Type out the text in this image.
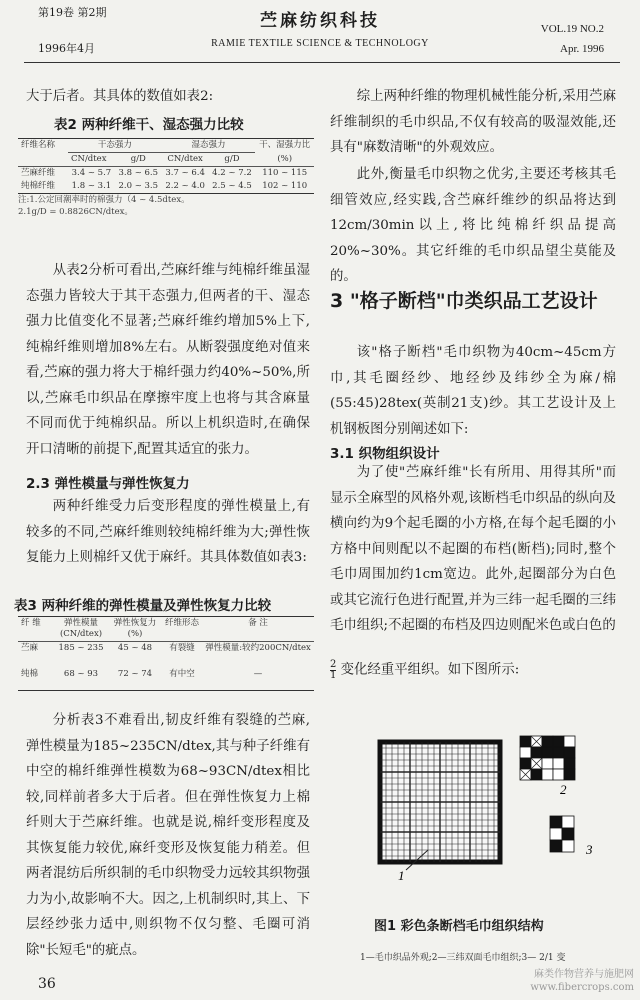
第19卷 第2期
1996年4月
苎麻纺织科技
RAMIE TEXTILE SCIENCE & TECHNOLOGY
VOL.19 NO.2
Apr. 1996
大于后者。其具体的数值如表2:
表2 两种纤维干、湿态强力比较
纤维名称	干态强力		湿态强力		干、湿强力比
	CN/dtex	g/D	CN/dtex	g/D	(%)
苎麻纤维	3.4 ~ 5.7	3.8 ~ 6.5	3.7 ~ 6.4	4.2 ~ 7.2	110 ~ 115
纯棉纤维	1.8 ~ 3.1	2.0 ~ 3.5	2.2 ~ 4.0	2.5 ~ 4.5	102 ~ 110
注:1.公定回潮率时的棉强力（4 ~ 4.5dtex。
2.1g/D = 0.8826CN/dtex。
从表2分析可看出,苎麻纤维与纯棉纤维虽湿态强力皆较大于其干态强力,但两者的干、湿态强力比值变化不显著;苎麻纤维约增加5%上下,纯棉纤维则增加8%左右。从断裂强度绝对值来看,苎麻的强力将大于棉纤强力约40%~50%,所以,苎麻毛巾织品在摩擦牢度上也将与其含麻量不同而优于纯棉织品。所以上机织造时,在确保开口清晰的前提下,配置其适宜的张力。
2.3 弹性模量与弹性恢复力
两种纤维受力后变形程度的弹性模量上,有较多的不同,苎麻纤维则较纯棉纤维为大;弹性恢复能力上则棉纤又优于麻纤。其具体数值如表3:
表3 两种纤维的弹性模量及弹性恢复力比较
纤 维	弹性模量 (CN/dtex)	弹性恢复力 (%)	纤维形态	备 注
苎麻	185 ~ 235	45 ~ 48	有裂缝	弹性模量:较约200CN/dtex
纯棉	68 ~ 93	72 ~ 74	有中空	—
分析表3不难看出,韧皮纤维有裂缝的苎麻,弹性模量为185~235CN/dtex,其与种子纤维有中空的棉纤维弹性模数为68~93CN/dtex相比较,同样前者多大于后者。但在弹性恢复力上棉纤则大于苎麻纤维。也就是说,棉纤变形程度及其恢复能力较优,麻纤变形及恢复能力稍差。但两者混纺后所织制的毛巾织物受力远较其织物强力为小,故影响不大。因之,上机制织时,其上、下层经纱张力适中,则织物不仅匀整、毛圈可消除"长短毛"的疵点。
36
综上两种纤维的物理机械性能分析,采用苎麻纤维制织的毛巾织品,不仅有较高的吸湿效能,还具有"麻数清晰"的外观效应。
此外,衡量毛巾织物之优劣,主要还考核其毛细管效应,经实践,含苎麻纤维纱的织品将达到12cm/30min以上,将比纯棉纤织品提高20%~30%。其它纤维的毛巾织品望尘莫能及的。
3 "格子断档"巾类织品工艺设计
该"格子断档"毛巾织物为40cm~45cm方巾,其毛圈经纱、地经纱及纬纱全为麻/棉(55:45)28tex(英制21支)纱。其工艺设计及上机钢板图分别阐述如下:
3.1 织物组织设计
为了使"苎麻纤维"长有所用、用得其所"而显示全麻型的风格外观,该断档毛巾织品的纵向及横向约为9个起毛圈的小方格,在每个起毛圈的小方格中间则配以不起圈的布档(断档);同时,整个毛巾周围加约1cm宽边。此外,起圈部分为白色或其它流行色进行配置,并为三纬一起毛圈的三纬毛巾组织;不起圈的布档及四边则配米色或白色的
$\frac{2}{1}$ 变化经重平组织。如下图所示:
1
2
3
图1 彩色条断档毛巾组织结构
1—毛巾织品外观;2—三纬双面毛巾组织;3— 2/1 变
麻类作物营养与施肥网
www.fibercrops.com
